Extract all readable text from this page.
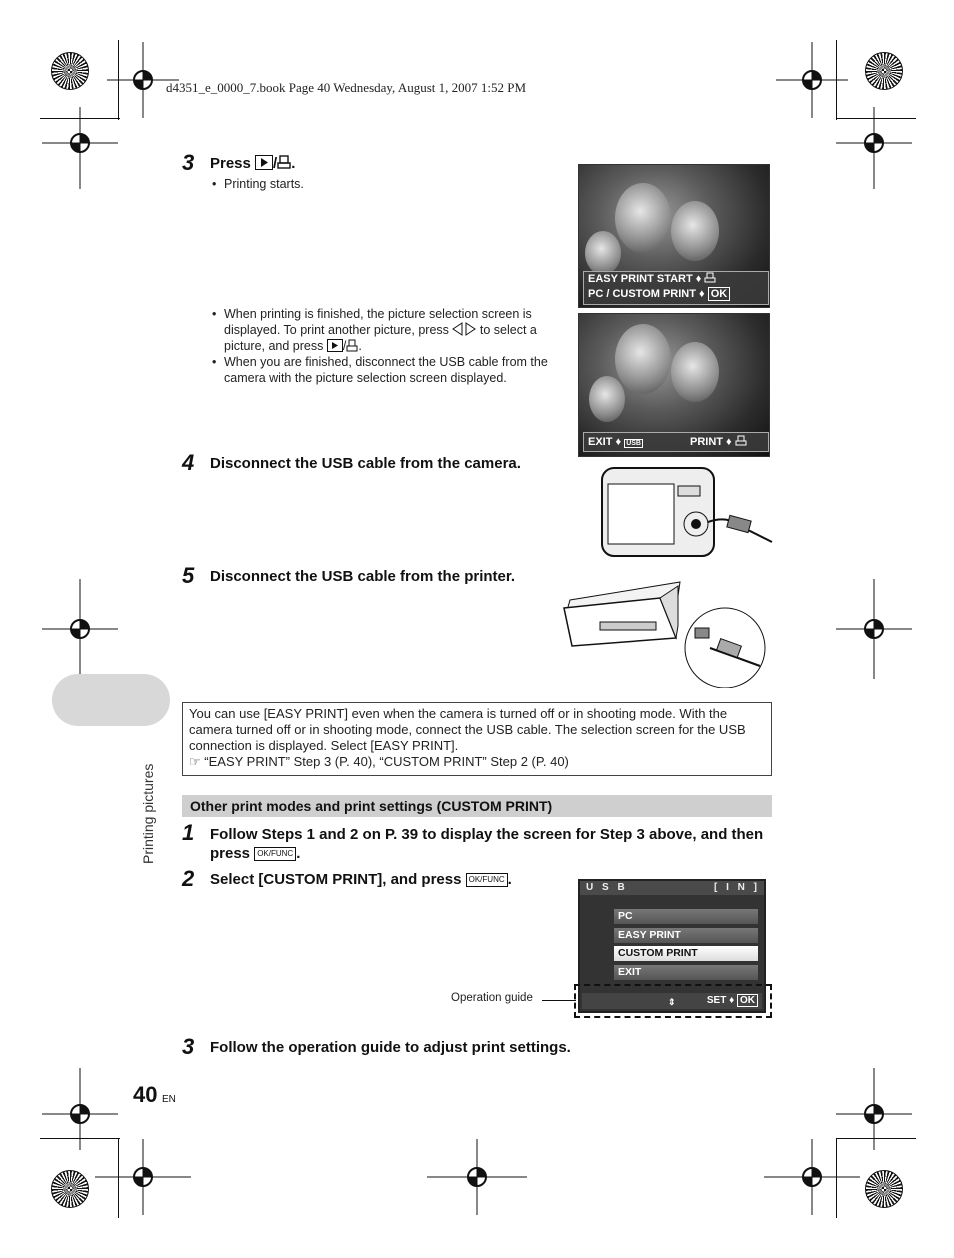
d4351_e_0000_7.book Page 40 Wednesday, August 1, 2007 1:52 PM
Printing pictures
3 Press / .
• Printing starts.
• When printing is finished, the picture selection screen is displayed. To print another picture, press to select a picture, and press / .
• When you are finished, disconnect the USB cable from the camera with the picture selection screen displayed.
EASY PRINT START ♦
PC / CUSTOM PRINT ♦ OK
EXIT ♦ USB	PRINT ♦
4 Disconnect the USB cable from the camera.
5 Disconnect the USB cable from the printer.
You can use [EASY PRINT] even when the camera is turned off or in shooting mode. With the camera turned off or in shooting mode, connect the USB cable. The selection screen for the USB connection is displayed. Select [EASY PRINT].
☞ “EASY PRINT” Step 3 (P. 40), “CUSTOM PRINT” Step 2 (P. 40)
Other print modes and print settings (CUSTOM PRINT)
1 Follow Steps 1 and 2 on P. 39 to display the screen for Step 3 above, and then press OK/FUNC .
2 Select [CUSTOM PRINT], and press OK/FUNC .	U S B	[ I N ]
PC
EASY PRINT
CUSTOM PRINT
EXIT
⇕	SET ♦ OK
Operation guide
3 Follow the operation guide to adjust print settings.
40 EN
